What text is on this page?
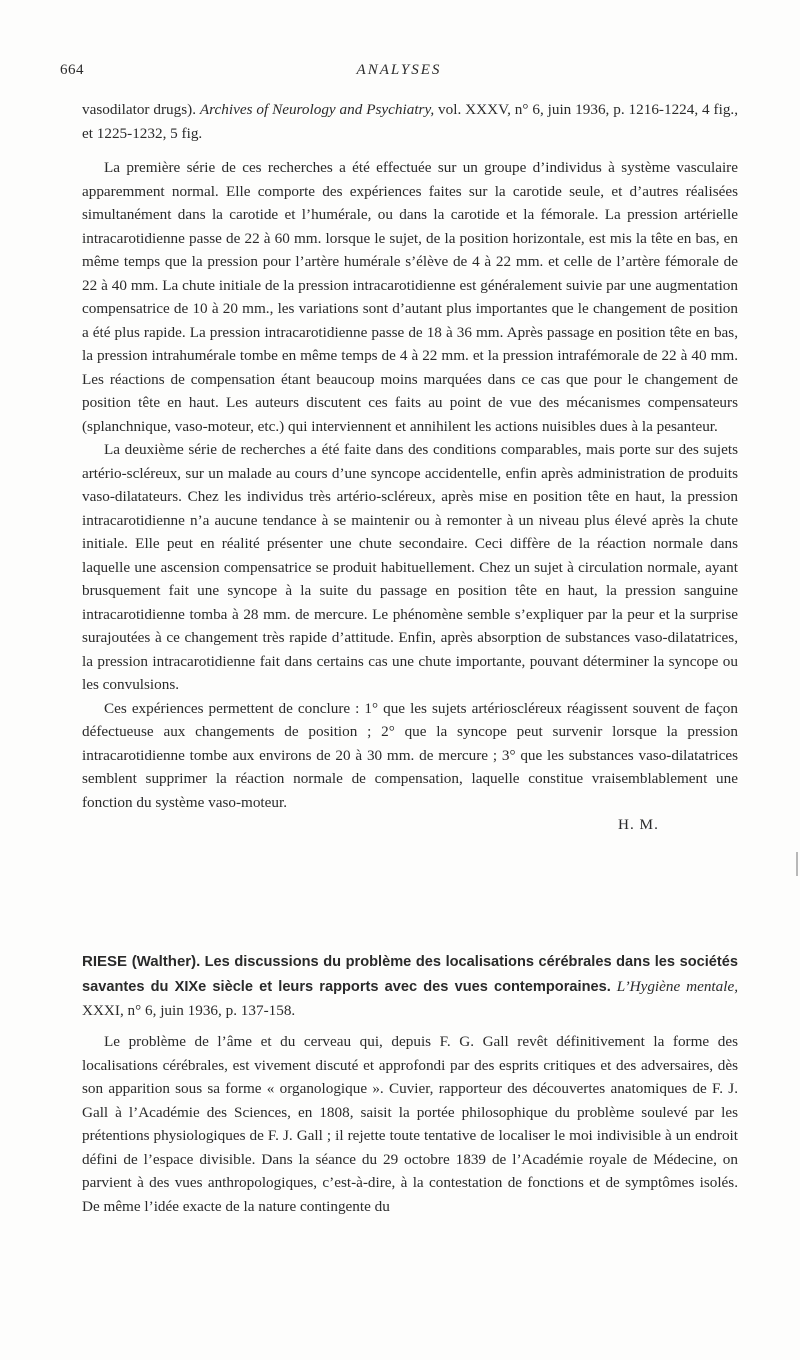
664	ANALYSES

vasodilator drugs). Archives of Neurology and Psychiatry, vol. XXXV, n° 6, juin 1936, p. 1216-1224, 4 fig., et 1225-1232, 5 fig.

La première série de ces recherches a été effectuée sur un groupe d’individus à système vasculaire apparemment normal. Elle comporte des expériences faites sur la carotide seule, et d’autres réalisées simultanément dans la carotide et l’humérale, ou dans la carotide et la fémorale. La pression artérielle intracarotidienne passe de 22 à 60 mm. lorsque le sujet, de la position horizontale, est mis la tête en bas, en même temps que la pression pour l’artère humérale s’élève de 4 à 22 mm. et celle de l’artère fémorale de 22 à 40 mm. La chute initiale de la pression intracarotidienne est généralement suivie par une augmentation compensatrice de 10 à 20 mm., les variations sont d’autant plus importantes que le changement de position a été plus rapide. La pression intracarotidienne passe de 18 à 36 mm. Après passage en position tête en bas, la pression intrahumérale tombe en même temps de 4 à 22 mm. et la pression intrafémorale de 22 à 40 mm. Les réactions de compensation étant beaucoup moins marquées dans ce cas que pour le changement de position tête en haut. Les auteurs discutent ces faits au point de vue des mécanismes compensateurs (splanchnique, vaso-moteur, etc.) qui interviennent et annihilent les actions nuisibles dues à la pesanteur.

La deuxième série de recherches a été faite dans des conditions comparables, mais porte sur des sujets artério-scléreux, sur un malade au cours d’une syncope accidentelle, enfin après administration de produits vaso-dilatateurs. Chez les individus très artério-scléreux, après mise en position tête en haut, la pression intracarotidienne n’a aucune tendance à se maintenir ou à remonter à un niveau plus élevé après la chute initiale. Elle peut en réalité présenter une chute secondaire. Ceci diffère de la réaction normale dans laquelle une ascension compensatrice se produit habituellement. Chez un sujet à circulation normale, ayant brusquement fait une syncope à la suite du passage en position tête en haut, la pression sanguine intracarotidienne tomba à 28 mm. de mercure. Le phénomène semble s’expliquer par la peur et la surprise surajoutées à ce changement très rapide d’attitude. Enfin, après absorption de substances vaso-dilatatrices, la pression intracarotidienne fait dans certains cas une chute importante, pouvant déterminer la syncope ou les convulsions.

Ces expériences permettent de conclure : 1° que les sujets artérioscléreux réagissent souvent de façon défectueuse aux changements de position ; 2° que la syncope peut survenir lorsque la pression intracarotidienne tombe aux environs de 20 à 30 mm. de mercure ; 3° que les substances vaso-dilatatrices semblent supprimer la réaction normale de compensation, laquelle constitue vraisemblablement une fonction du système vaso-moteur.

H. M.
RIESE (Walther). Les discussions du problème des localisations cérébrales dans les sociétés savantes du XIXe siècle et leurs rapports avec des vues contemporaines. L’Hygiène mentale, XXXI, n° 6, juin 1936, p. 137-158.

Le problème de l’âme et du cerveau qui, depuis F. G. Gall revêt définitivement la forme des localisations cérébrales, est vivement discuté et approfondi par des esprits critiques et des adversaires, dès son apparition sous sa forme « organologique ». Cuvier, rapporteur des découvertes anatomiques de F. J. Gall à l’Académie des Sciences, en 1808, saisit la portée philosophique du problème soulevé par les prétentions physiologiques de F. J. Gall ; il rejette toute tentative de localiser le moi indivisible à un endroit défini de l’espace divisible. Dans la séance du 29 octobre 1839 de l’Académie royale de Médecine, on parvient à des vues anthropologiques, c’est-à-dire, à la contestation de fonctions et de symptômes isolés. De même l’idée exacte de la nature contingente du
